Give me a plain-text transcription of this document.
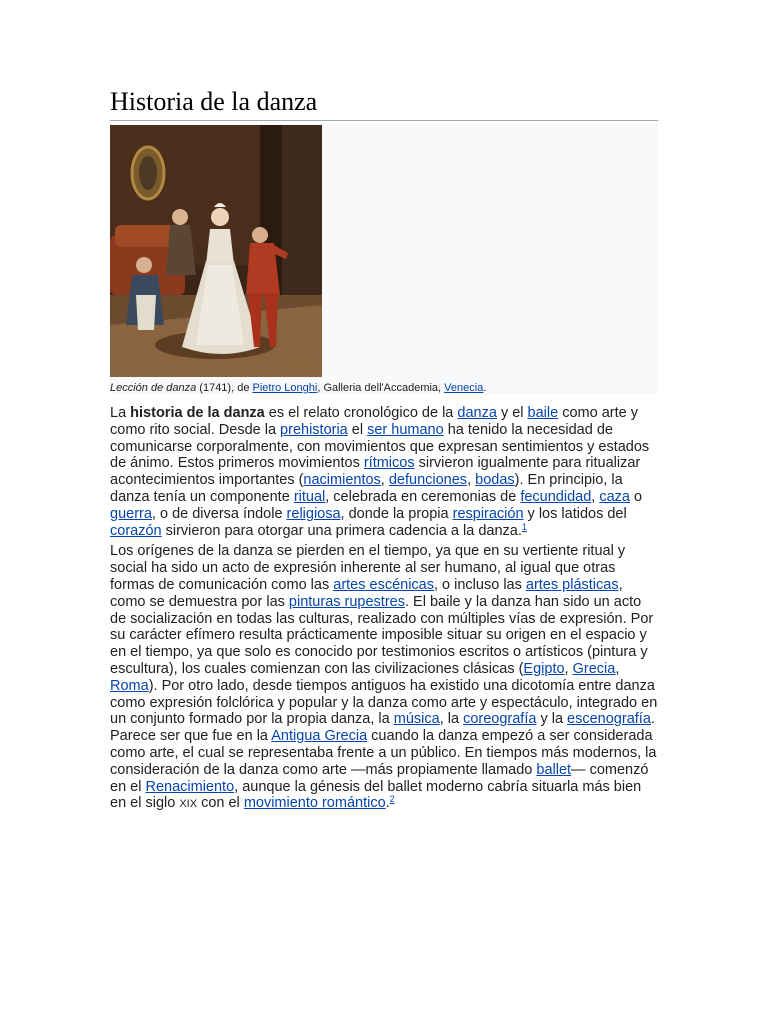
Historia de la danza
Lección de danza (1741), de Pietro Longhi, Galleria dell'Accademia, Venecia.

La historia de la danza es el relato cronológico de la danza y el baile como arte y como rito social. Desde la prehistoria el ser humano ha tenido la necesidad de comunicarse corporalmente, con movimientos que expresan sentimientos y estados de ánimo. Estos primeros movimientos rítmicos sirvieron igualmente para ritualizar acontecimientos importantes (nacimientos, defunciones, bodas). En principio, la danza tenía un componente ritual, celebrada en ceremonias de fecundidad, caza o guerra, o de diversa índole religiosa, donde la propia respiración y los latidos del corazón sirvieron para otorgar una primera cadencia a la danza.$^1$

Los orígenes de la danza se pierden en el tiempo, ya que en su vertiente ritual y social ha sido un acto de expresión inherente al ser humano, al igual que otras formas de comunicación como las artes escénicas, o incluso las artes plásticas, como se demuestra por las pinturas rupestres. El baile y la danza han sido un acto de socialización en todas las culturas, realizado con múltiples vías de expresión. Por su carácter efímero resulta prácticamente imposible situar su origen en el espacio y en el tiempo, ya que solo es conocido por testimonios escritos o artísticos (pintura y escultura), los cuales comienzan con las civilizaciones clásicas (Egipto, Grecia, Roma). Por otro lado, desde tiempos antiguos ha existido una dicotomía entre danza como expresión folclórica y popular y la danza como arte y espectáculo, integrado en un conjunto formado por la propia danza, la música, la coreografía y la escenografía. Parece ser que fue en la Antigua Grecia cuando la danza empezó a ser considerada como arte, el cual se representaba frente a un público. En tiempos más modernos, la consideración de la danza como arte —más propiamente llamado ballet— comenzó en el Renacimiento, aunque la génesis del ballet moderno cabría situarla más bien en el siglo XIX con el movimiento romántico.$^2$
